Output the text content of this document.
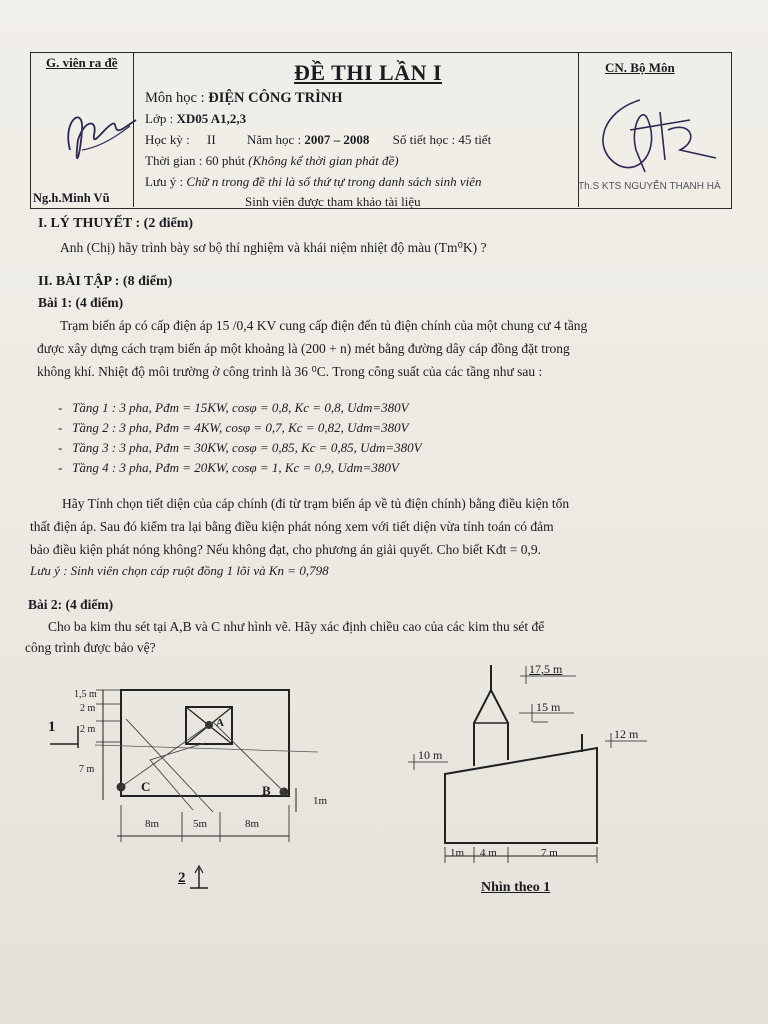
G. viên ra đề
Ng.h.Minh Vũ
ĐỀ THI LẦN I
Môn học : ĐIỆN CÔNG TRÌNH
Lớp : XD05 A1,2,3
Học kỳ : II Năm học : 2007 – 2008 Số tiết học : 45 tiết
Thời gian : 60 phút (Không kể thời gian phát đề)
Lưu ý : Chữ n trong đề thi là số thứ tự trong danh sách sinh viên
Sinh viên được tham khảo tài liệu
CN. Bộ Môn
Th.S KTS NGUYỄN THANH HÀ
I. LÝ THUYẾT : (2 điểm)
Anh (Chị) hãy trình bày sơ bộ thí nghiệm và khái niệm nhiệt độ màu (Tm⁰K) ?
II. BÀI TẬP : (8 điểm)
Bài 1: (4 điểm)
Trạm biến áp có cấp điện áp 15 /0,4 KV cung cấp điện đến tủ điện chính của một chung cư 4 tầng
được xây dựng cách trạm biến áp một khoảng là (200 + n) mét bằng đường dây cáp đồng đặt trong
không khí. Nhiệt độ môi trường ở công trình là 36 ⁰C. Trong công suất của các tầng như sau :
-   Tầng 1 : 3 pha, Pđm = 15KW, cosφ = 0,8, Kc = 0,8, Udm=380V
-   Tầng 2 : 3 pha, Pđm = 4KW, cosφ = 0,7, Kc = 0,82, Udm=380V
-   Tầng 3 : 3 pha, Pđm = 30KW, cosφ = 0,85, Kc = 0,85, Udm=380V
-   Tầng 4 : 3 pha, Pđm = 20KW, cosφ = 1, Kc = 0,9, Udm=380V
Hãy Tính chọn tiết diện của cáp chính (đi từ trạm biến áp về tủ điện chính) bằng điều kiện tổn
thất điện áp. Sau đó kiểm tra lại bằng điều kiện phát nóng xem với tiết diện vừa tính toán có đảm
bảo điều kiện phát nóng không? Nếu không đạt, cho phương án giải quyết. Cho biết Kđt = 0,9.
Lưu ý : Sinh viên chọn cáp ruột đồng 1 lõi và Kn = 0,798
Bài 2: (4 điểm)
Cho ba kim thu sét tại A,B và C như hình vẽ. Hãy xác định chiều cao của các kim thu sét để
công trình được bảo vệ?
1,5 m
2 m
2 m
7 m
A
C	B
1m
8m	5m	8m
1
2
17,5 m
15 m
12 m
10 m
1m 4 m	7 m
Nhìn theo 1
